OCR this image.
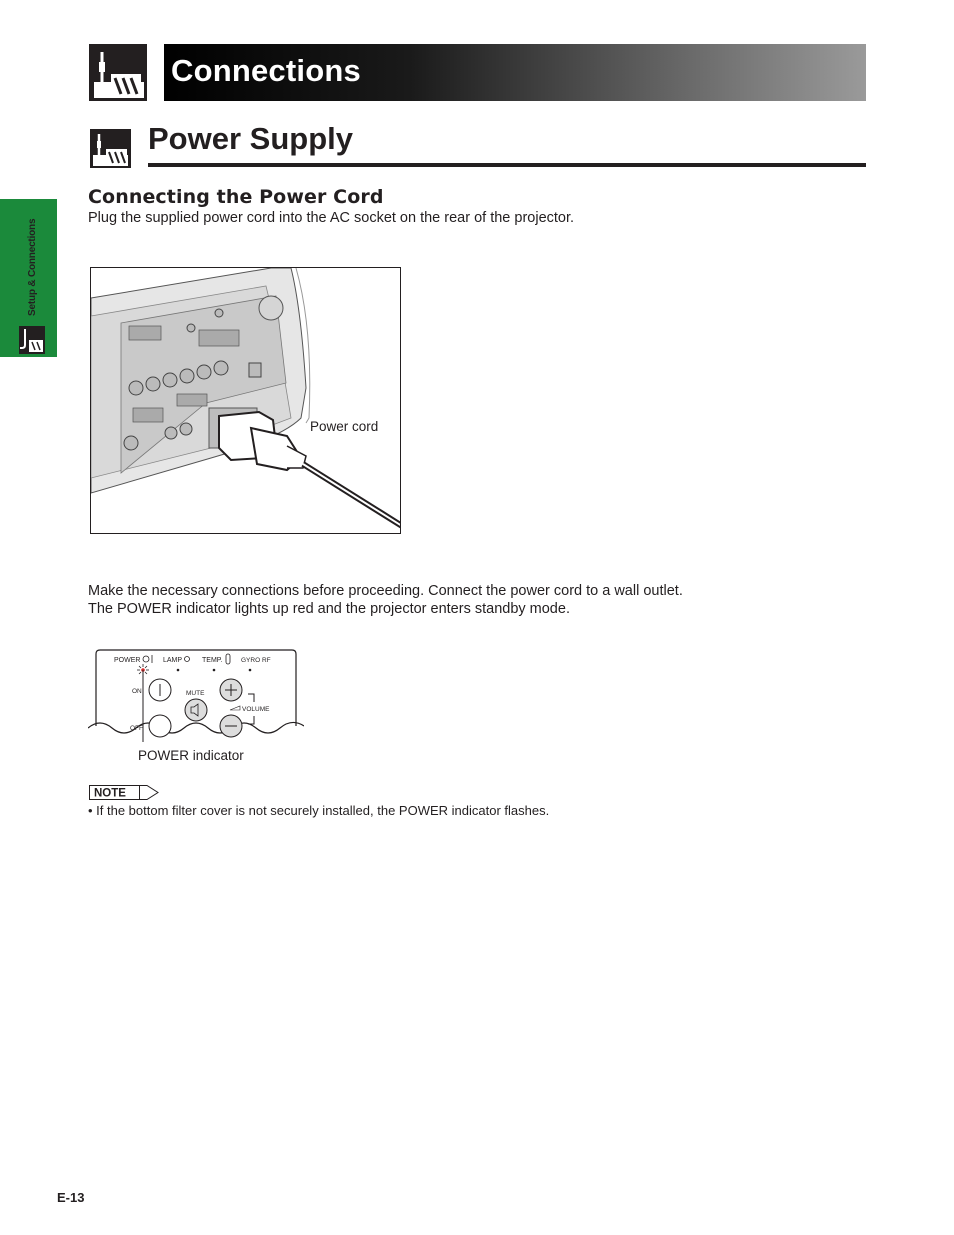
Connections
Power Supply
Setup & Connections
Connecting the Power Cord
Plug the supplied power cord into the AC socket on the rear of the projector.
Power cord
Make the necessary connections before proceeding. Connect the power cord to a wall outlet.
The POWER indicator lights up red and the projector enters standby mode.
POWER	LAMP	TEMP.	GYRO RF
ON
OFF
MUTE
VOLUME
POWER indicator
NOTE
• If the bottom filter cover is not securely installed, the POWER indicator flashes.
E-13
